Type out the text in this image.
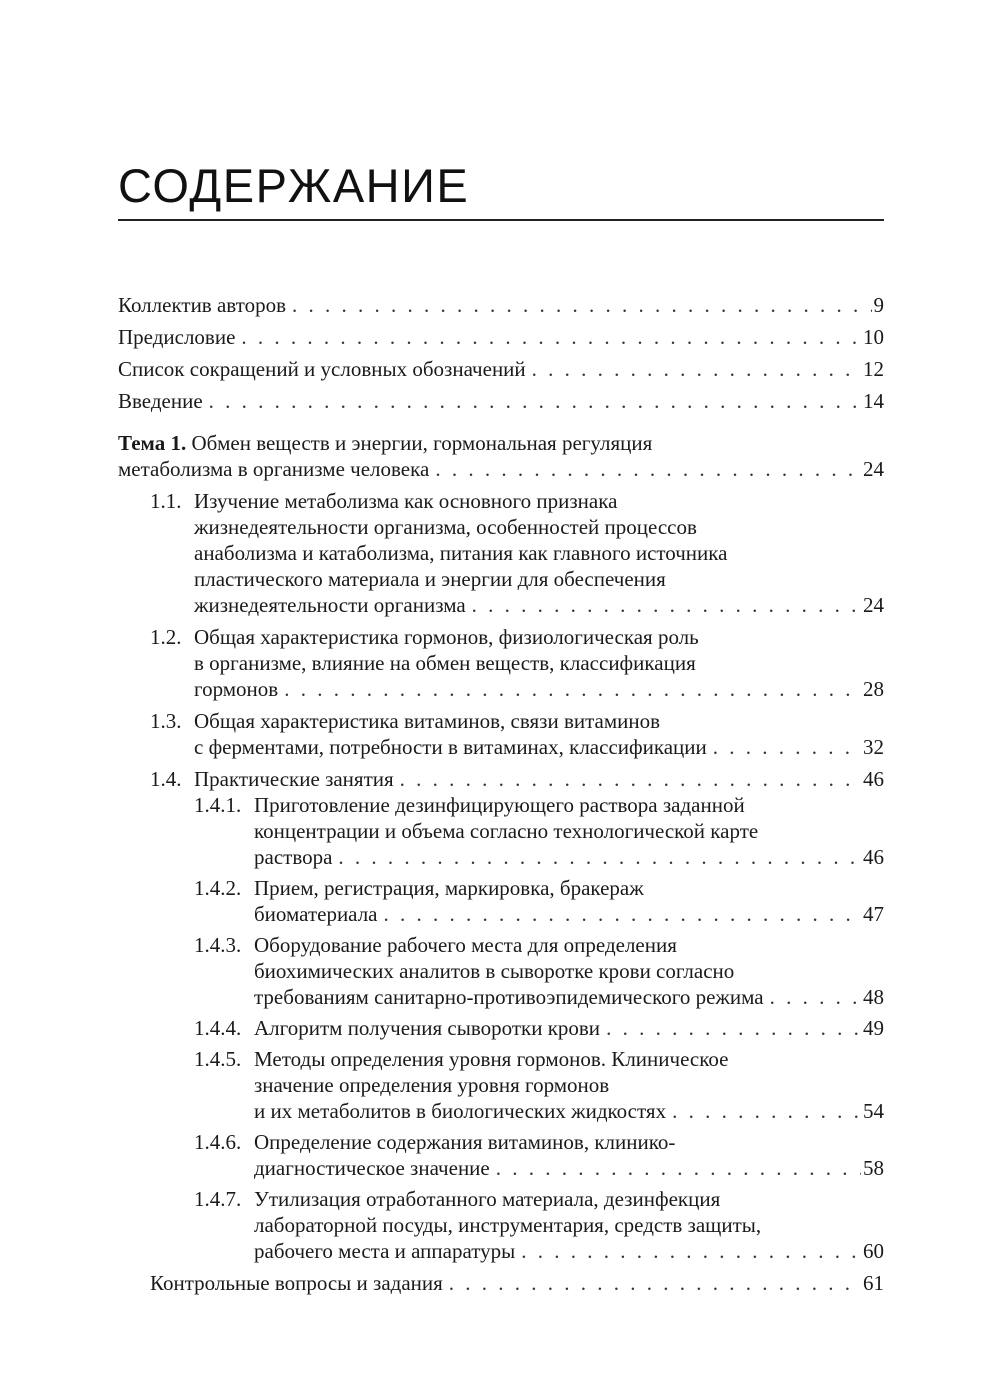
СОДЕРЖАНИЕ
Коллектив авторов . . .	9
Предисловие . . .	10
Список сокращений и условных обозначений . . .	12
Введение . . .	14
Тема 1. Обмен веществ и энергии, гормональная регуляция
метаболизма в организме человека . . .	24
1.1. Изучение метаболизма как основного признака
жизнедеятельности организма, особенностей процессов
анаболизма и катаболизма, питания как главного источника
пластического материала и энергии для обеспечения
жизнедеятельности организма . . .	24
1.2. Общая характеристика гормонов, физиологическая роль
в организме, влияние на обмен веществ, классификация
гормонов . . .	28
1.3. Общая характеристика витаминов, связи витаминов
с ферментами, потребности в витаминах, классификации . . .	32
1.4. Практические занятия . . .	46
1.4.1. Приготовление дезинфицирующего раствора заданной
концентрации и объема согласно технологической карте
раствора . . .	46
1.4.2. Прием, регистрация, маркировка, бракераж
биоматериала . . .	47
1.4.3. Оборудование рабочего места для определения
биохимических аналитов в сыворотке крови согласно
требованиям санитарно-противоэпидемического режима . . .	48
1.4.4. Алгоритм получения сыворотки крови . . .	49
1.4.5. Методы определения уровня гормонов. Клиническое
значение определения уровня гормонов
и их метаболитов в биологических жидкостях . . .	54
1.4.6. Определение содержания витаминов, клинико-
диагностическое значение . . .	58
1.4.7. Утилизация отработанного материала, дезинфекция
лабораторной посуды, инструментария, средств защиты,
рабочего места и аппаратуры . . .	60
Контрольные вопросы и задания . . .	61
